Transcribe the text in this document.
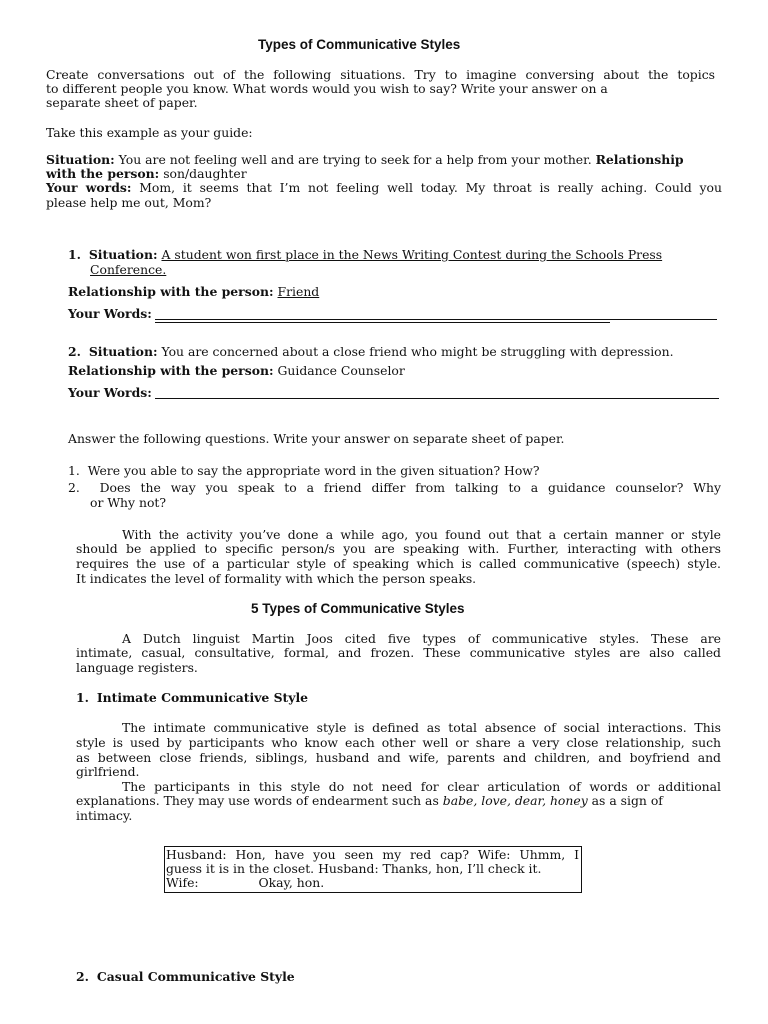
Types of Communicative Styles
Create conversations out of the following situations. Try to imagine conversing about the topics
to different people you know. What words would you wish to say? Write your answer on a
separate sheet of paper.
Take this example as your guide:
Situation: You are not feeling well and are trying to seek for a help from your mother. Relationship
with the person: son/daughter
Your words: Mom, it seems that I’m not feeling well today. My throat is really aching. Could you
please help me out, Mom?
1. Situation: A student won first place in the News Writing Contest during the Schools Press
Conference.
Relationship with the person: Friend
Your Words:
2. Situation: You are concerned about a close friend who might be struggling with depression.
Relationship with the person: Guidance Counselor
Your Words:
Answer the following questions. Write your answer on separate sheet of paper.
1. Were you able to say the appropriate word in the given situation? How?
2. Does the way you speak to a friend differ from talking to a guidance counselor? Why
or Why not?
With the activity you’ve done a while ago, you found out that a certain manner or style
should be applied to specific person/s you are speaking with. Further, interacting with others
requires the use of a particular style of speaking which is called communicative (speech) style.
It indicates the level of formality with which the person speaks.
5 Types of Communicative Styles
A Dutch linguist Martin Joos cited five types of communicative styles. These are
intimate, casual, consultative, formal, and frozen. These communicative styles are also called
language registers.
1. Intimate Communicative Style
The intimate communicative style is defined as total absence of social interactions. This
style is used by participants who know each other well or share a very close relationship, such
as between close friends, siblings, husband and wife, parents and children, and boyfriend and
girlfriend.
The participants in this style do not need for clear articulation of words or additional
explanations. They may use words of endearment such as babe, love, dear, honey as a sign of
intimacy.
Husband: Hon, have you seen my red cap? Wife: Uhmm, I
guess it is in the closet. Husband: Thanks, hon, I’ll check it.
Wife:	Okay, hon.
2. Casual Communicative Style
